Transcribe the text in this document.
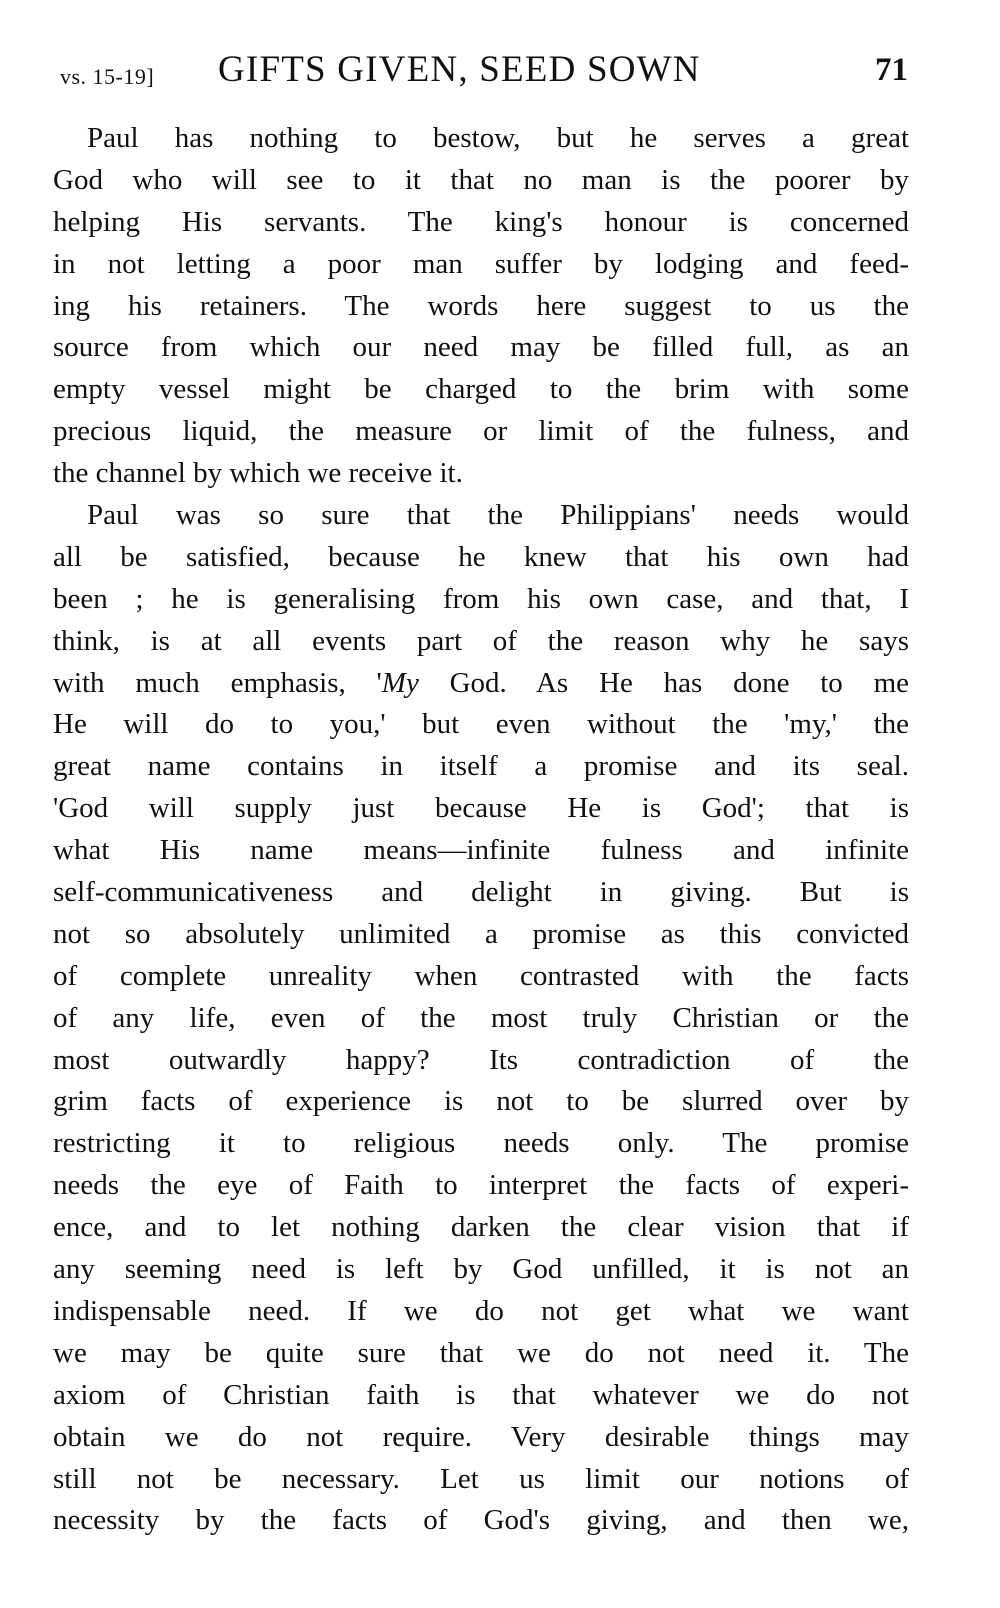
vs. 15-19] GIFTS GIVEN, SEED SOWN	71
Paul has nothing to bestow, but he serves a great
God who will see to it that no man is the poorer by
helping His servants. The king's honour is concerned
in not letting a poor man suffer by lodging and feed-
ing his retainers. The words here suggest to us the
source from which our need may be filled full, as an
empty vessel might be charged to the brim with some
precious liquid, the measure or limit of the fulness, and
the channel by which we receive it.
Paul was so sure that the Philippians' needs would
all be satisfied, because he knew that his own had
been ; he is generalising from his own case, and that, I
think, is at all events part of the reason why he says
with much emphasis, 'My God. As He has done to me
He will do to you,' but even without the 'my,' the
great name contains in itself a promise and its seal.
'God will supply just because He is God'; that is
what His name means—infinite fulness and infinite
self-communicativeness and delight in giving. But is
not so absolutely unlimited a promise as this convicted
of complete unreality when contrasted with the facts
of any life, even of the most truly Christian or the
most outwardly happy? Its contradiction of the
grim facts of experience is not to be slurred over by
restricting it to religious needs only. The promise
needs the eye of Faith to interpret the facts of experi-
ence, and to let nothing darken the clear vision that if
any seeming need is left by God unfilled, it is not an
indispensable need. If we do not get what we want
we may be quite sure that we do not need it. The
axiom of Christian faith is that whatever we do not
obtain we do not require. Very desirable things may
still not be necessary. Let us limit our notions of
necessity by the facts of God's giving, and then we,
